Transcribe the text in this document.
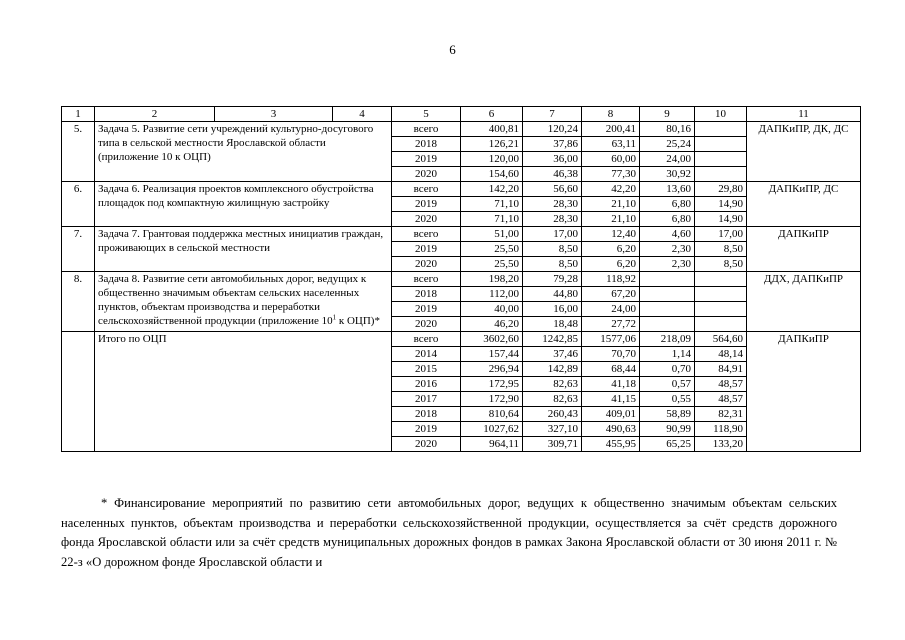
6
1	2	3	4	5	6	7	8	9	10	11
5.	Задача 5. Развитие сети учреждений культурно-досугового типа в сельской местности Ярославской области (приложение 10 к ОЦП)			всего	400,81	120,24	200,41	80,16		ДАПКиПР, ДК, ДС
				2018	126,21	37,86	63,11	25,24		
				2019	120,00	36,00	60,00	24,00		
				2020	154,60	46,38	77,30	30,92		
6.	Задача 6. Реализация проектов комплексного обустройства площадок под компактную жилищную застройку			всего	142,20	56,60	42,20	13,60	29,80	ДАПКиПР, ДС
				2019	71,10	28,30	21,10	6,80	14,90	
				2020	71,10	28,30	21,10	6,80	14,90	
7.	Задача 7. Грантовая поддержка местных инициатив граждан, проживающих в сельской местности			всего	51,00	17,00	12,40	4,60	17,00	ДАПКиПР
				2019	25,50	8,50	6,20	2,30	8,50	
				2020	25,50	8,50	6,20	2,30	8,50	
8.	Задача 8. Развитие сети автомобильных дорог, ведущих к общественно значимым объектам сельских населенных пунктов, объектам производства и переработки сельскохозяйственной продукции (приложение $10^1$ к ОЦП)*			всего	198,20	79,28	118,92			ДДХ, ДАПКиПР
				2018	112,00	44,80	67,20			
				2019	40,00	16,00	24,00			
				2020	46,20	18,48	27,72			
	Итого по ОЦП			всего	3602,60	1242,85	1577,06	218,09	564,60	ДАПКиПР
				2014	157,44	37,46	70,70	1,14	48,14	
				2015	296,94	142,89	68,44	0,70	84,91	
				2016	172,95	82,63	41,18	0,57	48,57	
				2017	172,90	82,63	41,15	0,55	48,57	
				2018	810,64	260,43	409,01	58,89	82,31	
				2019	1027,62	327,10	490,63	90,99	118,90	
				2020	964,11	309,71	455,95	65,25	133,20	
* Финансирование мероприятий по развитию сети автомобильных дорог, ведущих к общественно значимым объектам сельских населенных пунктов, объектам производства и переработки сельскохозяйственной продукции, осуществляется за счёт средств дорожного фонда Ярославской области или за счёт средств муниципальных дорожных фондов в рамках Закона Ярославской области от 30 июня 2011 г. № 22-з «О дорожном фонде Ярославской области и
